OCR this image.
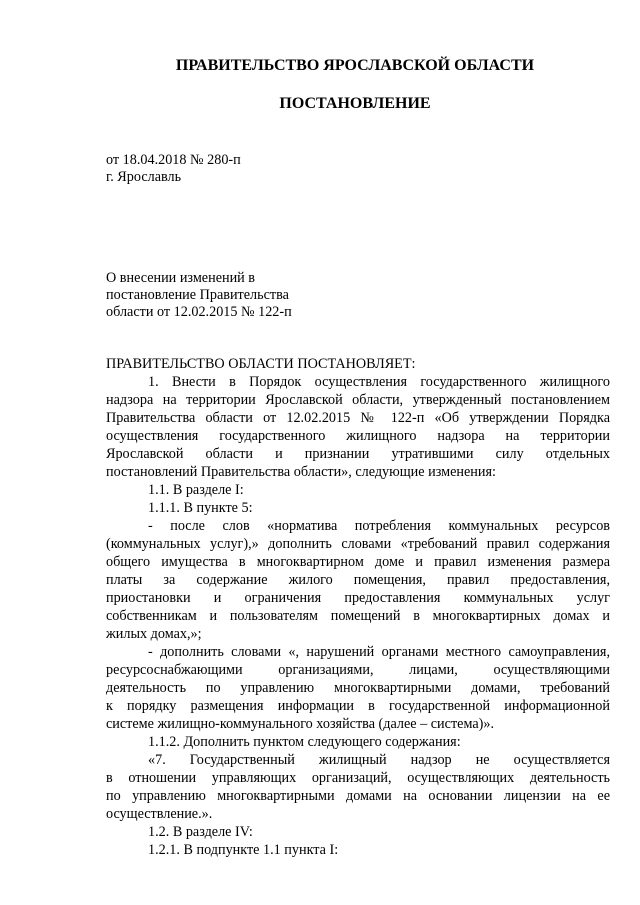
ПРАВИТЕЛЬСТВО ЯРОСЛАВСКОЙ ОБЛАСТИ
ПОСТАНОВЛЕНИЕ
от 18.04.2018 № 280-п
г. Ярославль
О внесении изменений в
постановление Правительства
области от 12.02.2015 № 122-п

ПРАВИТЕЛЬСТВО ОБЛАСТИ ПОСТАНОВЛЯЕТ:

1. Внести в Порядок осуществления государственного жилищного

надзора на территории Ярославской области, утвержденный постановлением

Правительства области от 12.02.2015 № 122-п «Об утверждении Порядка

осуществления государственного жилищного надзора на территории

Ярославской области и признании утратившими силу отдельных

постановлений Правительства области», следующие изменения:

1.1. В разделе I:

1.1.1. В пункте 5:

- после слов «норматива потребления коммунальных ресурсов

(коммунальных услуг),» дополнить словами «требований правил содержания

общего имущества в многоквартирном доме и правил изменения размера

платы за содержание жилого помещения, правил предоставления,

приостановки и ограничения предоставления коммунальных услуг

собственникам и пользователям помещений в многоквартирных домах и

жилых домах,»;

- дополнить словами «, нарушений органами местного самоуправления,

ресурсоснабжающими организациями, лицами, осуществляющими

деятельность по управлению многоквартирными домами, требований

к порядку размещения информации в государственной информационной

системе жилищно-коммунального хозяйства (далее – система)».

1.1.2. Дополнить пунктом следующего содержания:

«7. Государственный жилищный надзор не осуществляется

в отношении управляющих организаций, осуществляющих деятельность

по управлению многоквартирными домами на основании лицензии на ее

осуществление.».

1.2. В разделе IV:

1.2.1. В подпункте 1.1 пункта I:
